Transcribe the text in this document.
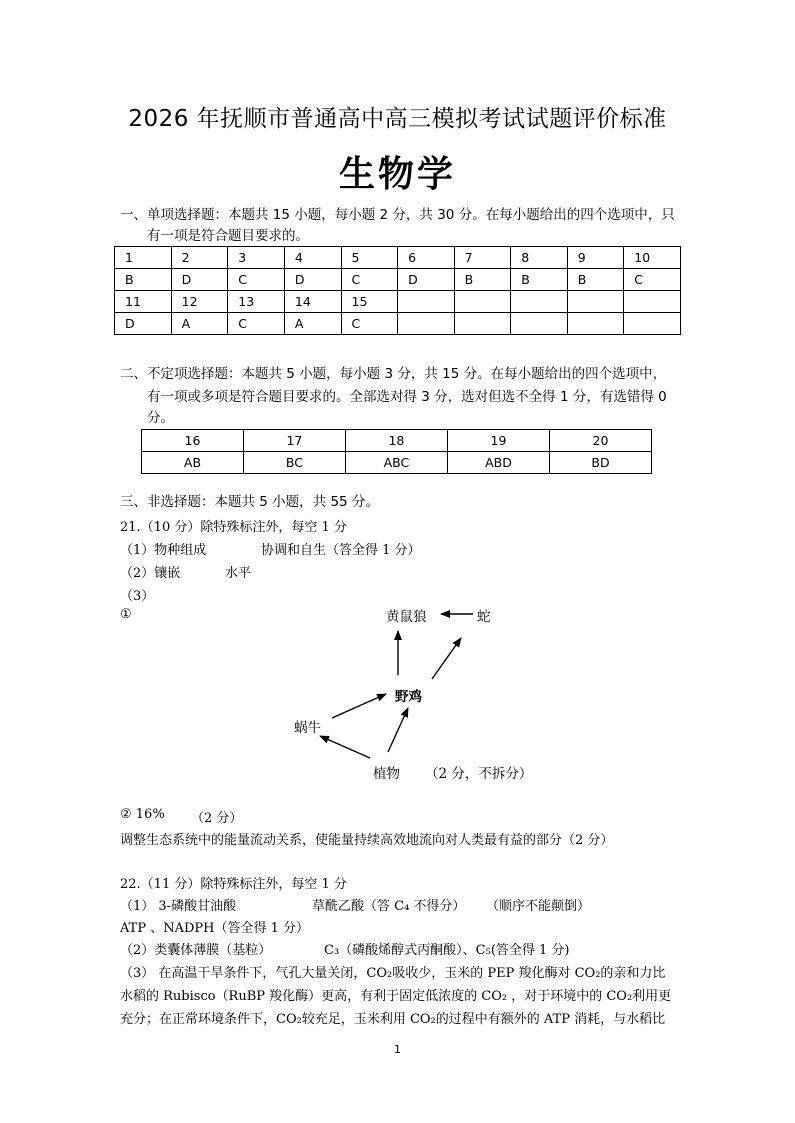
2026 年抚顺市普通高中高三模拟考试试题评价标准
生物学
一、单项选择题：本题共 15 小题，每小题 2 分，共 30 分。在每小题给出的四个选项中，只
有一项是符合题目要求的。
1	2	3	4	5	6	7	8	9	10
B	D	C	D	C	D	B	B	B	C
11	12	13	14	15					
D	A	C	A	C					
二、不定项选择题：本题共 5 小题，每小题 3 分，共 15 分。在每小题给出的四个选项中，
有一项或多项是符合题目要求的。全部选对得 3 分，选对但选不全得 1 分，有选错得 0
分。
16	17	18	19	20
AB	BC	ABC	ABD	BD
三、非选择题：本题共 5 小题，共 55 分。
21.（10 分）除特殊标注外，每空 1 分
（1）物种组成	协调和自生（答全得 1 分）
（2）镶嵌	水平
（3）
①	黄鼠狼	蛇
野鸡
蜗牛
植物 （2 分，不拆分）
② 16% （2 分）
调整生态系统中的能量流动关系，使能量持续高效地流向对人类最有益的部分（2 分）
22.（11 分）除特殊标注外，每空 1 分
（1） 3-磷酸甘油酸	草酰乙酸（答 C₄ 不得分） （顺序不能颠倒）
ATP 、NADPH（答全得 1 分）
（2）类囊体薄膜（基粒）	C₃（磷酸烯醇式丙酮酸）、C₅(答全得 1 分)
（3） 在高温干旱条件下，气孔大量关闭，CO₂吸收少，玉米的 PEP 羧化酶对 CO₂的亲和力比
水稻的 Rubisco（RuBP 羧化酶）更高，有利于固定低浓度的 CO₂ ，对于环境中的 CO₂利用更
充分；在正常环境条件下，CO₂较充足，玉米利用 CO₂的过程中有额外的 ATP 消耗，与水稻比
1
